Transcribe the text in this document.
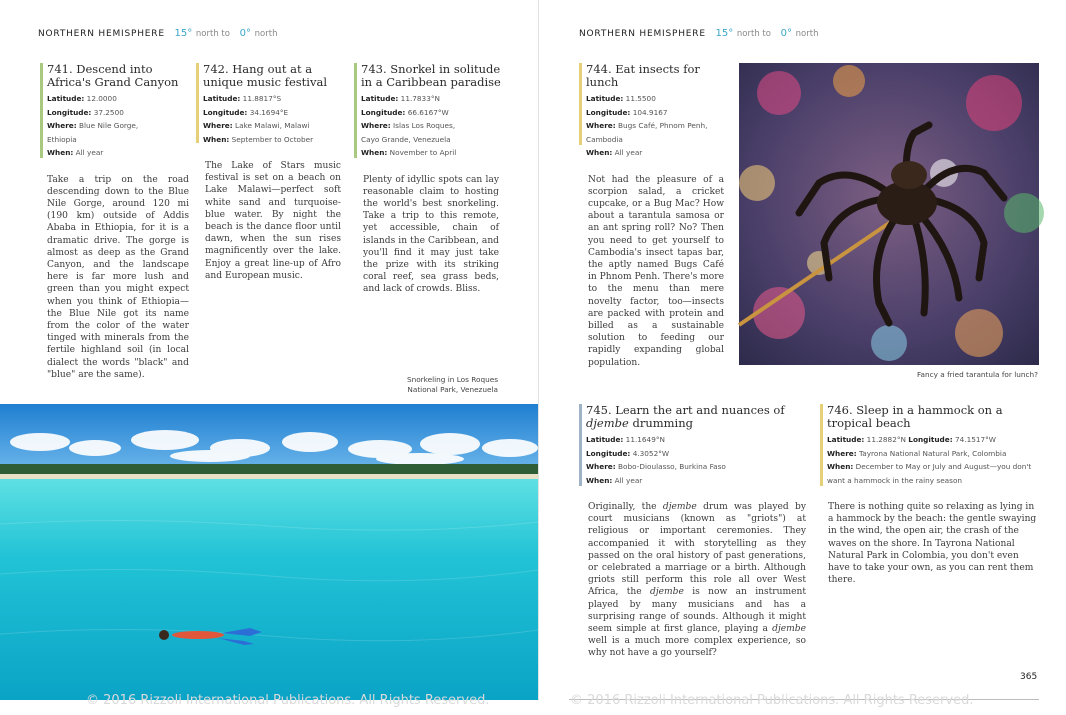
NORTHERN HEMISPHERE 15° north to 0° north
741. Descend into Africa's Grand Canyon
Latitude: 12.0000
Longitude: 37.2500
Where: Blue Nile Gorge, Ethiopia
When: All year

Take a trip on the road descending down to the Blue Nile Gorge, around 120 mi (190 km) outside of Addis Ababa in Ethiopia, for it is a dramatic drive. The gorge is almost as deep as the Grand Canyon, and the landscape here is far more lush and green than you might expect when you think of Ethiopia—the Blue Nile got its name from the color of the water tinged with minerals from the fertile highland soil (in local dialect the words "black" and "blue" are the same).

742. Hang out at a unique music festival
Latitude: 11.8817°S
Longitude: 34.1694°E
Where: Lake Malawi, Malawi
When: September to October

The Lake of Stars music festival is set on a beach on Lake Malawi—perfect soft white sand and turquoise-blue water. By night the beach is the dance floor until dawn, when the sun rises magnificently over the lake. Enjoy a great line-up of Afro and European music.

743. Snorkel in solitude in a Caribbean paradise
Latitude: 11.7833°N
Longitude: 66.6167°W
Where: Islas Los Roques, Cayo Grande, Venezuela
When: November to April

Plenty of idyllic spots can lay reasonable claim to hosting the world's best snorkeling. Take a trip to this remote, yet accessible, chain of islands in the Caribbean, and you'll find it may just take the prize with its striking coral reef, sea grass beds, and lack of crowds. Bliss.

Snorkeling in Los Roques
National Park, Venezuela
© 2016 Rizzoli International Publications. All Rights Reserved.
NORTHERN HEMISPHERE 15° north to 0° north
744. Eat insects for lunch
Latitude: 11.5500
Longitude: 104.9167
Where: Bugs Café, Phnom Penh, Cambodia
When: All year

Not had the pleasure of a scorpion salad, a cricket cupcake, or a Bug Mac? How about a tarantula samosa or an ant spring roll? No? Then you need to get yourself to Cambodia's insect tapas bar, the aptly named Bugs Café in Phnom Penh. There's more to the menu than mere novelty factor, too—insects are packed with protein and billed as a sustainable solution to feeding our rapidly expanding global population.

Fancy a fried tarantula for lunch?
745. Learn the art and nuances of djembe drumming
Latitude: 11.1649°N
Longitude: 4.3052°W
Where: Bobo-Dioulasso, Burkina Faso
When: All year

Originally, the djembe drum was played by court musicians (known as "griots") at religious or important ceremonies. They accompanied it with storytelling as they passed on the oral history of past generations, or celebrated a marriage or a birth. Although griots still perform this role all over West Africa, the djembe is now an instrument played by many musicians and has a surprising range of sounds. Although it might seem simple at first glance, playing a djembe well is a much more complex experience, so why not have a go yourself?

746. Sleep in a hammock on a tropical beach
Latitude: 11.2882°N Longitude: 74.1517°W
Where: Tayrona National Natural Park, Colombia
When: December to May or July and August—you don't want a hammock in the rainy season

There is nothing quite so relaxing as lying in a hammock by the beach: the gentle swaying in the wind, the open air, the crash of the waves on the shore. In Tayrona National Natural Park in Colombia, you don't even have to take your own, as you can rent them there.

365
© 2016 Rizzoli International Publications. All Rights Reserved.
